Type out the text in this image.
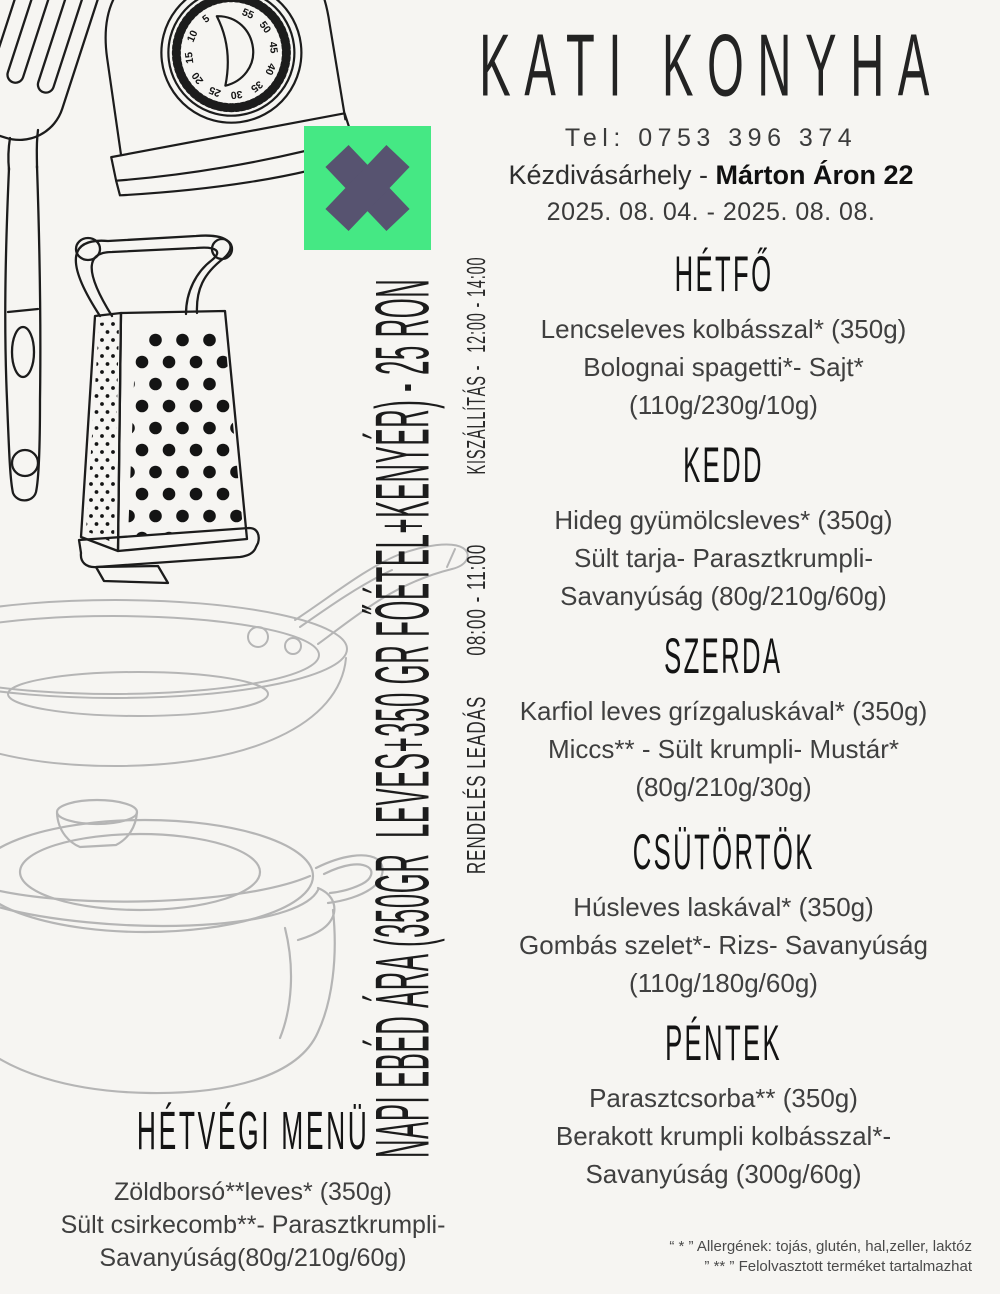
5
10
15
20
25 30 35
40
45
50
55
KATI KONYHA
Tel: 0753 396 374
Kézdivásárhely - Márton Áron 22
2025. 08. 04. - 2025. 08. 08.
HÉTFŐ

Lencseleves kolbásszal* (350g)

Bolognai spagetti*- Sajt*

(110g/230g/10g)

KEDD

Hideg gyümölcsleves* (350g)

Sült tarja- Parasztkrumpli-

Savanyúság (80g/210g/60g)

SZERDA

Karfiol leves grízgaluskával* (350g)

Miccs** - Sült krumpli- Mustár*

(80g/210g/30g)

CSÜTÖRTÖK

Húsleves laskával* (350g)

Gombás szelet*- Rizs- Savanyúság

(110g/180g/60g)

PÉNTEK

Parasztcsorba** (350g)

Berakott krumpli kolbásszal*-

Savanyúság (300g/60g)

NAPI EBÉD ÁRA (350GR  LEVES+350 GR FŐÉTEL+KENYÉR) - 25 RON KISZÁLLÍTÁS -12:00 - 14:00

RENDELÉS LEADÁS08:00 - 11:00

HÉTVÉGI MENÜ

Zöldborsó**leves* (350g)

Sült csirkecomb**- Parasztkrumpli-

Savanyúság(80g/210g/60g)	“ * ” Allergének: tojás, glutén, hal,zeller, laktóz
” ** ” Felolvasztott terméket tartalmazhat
